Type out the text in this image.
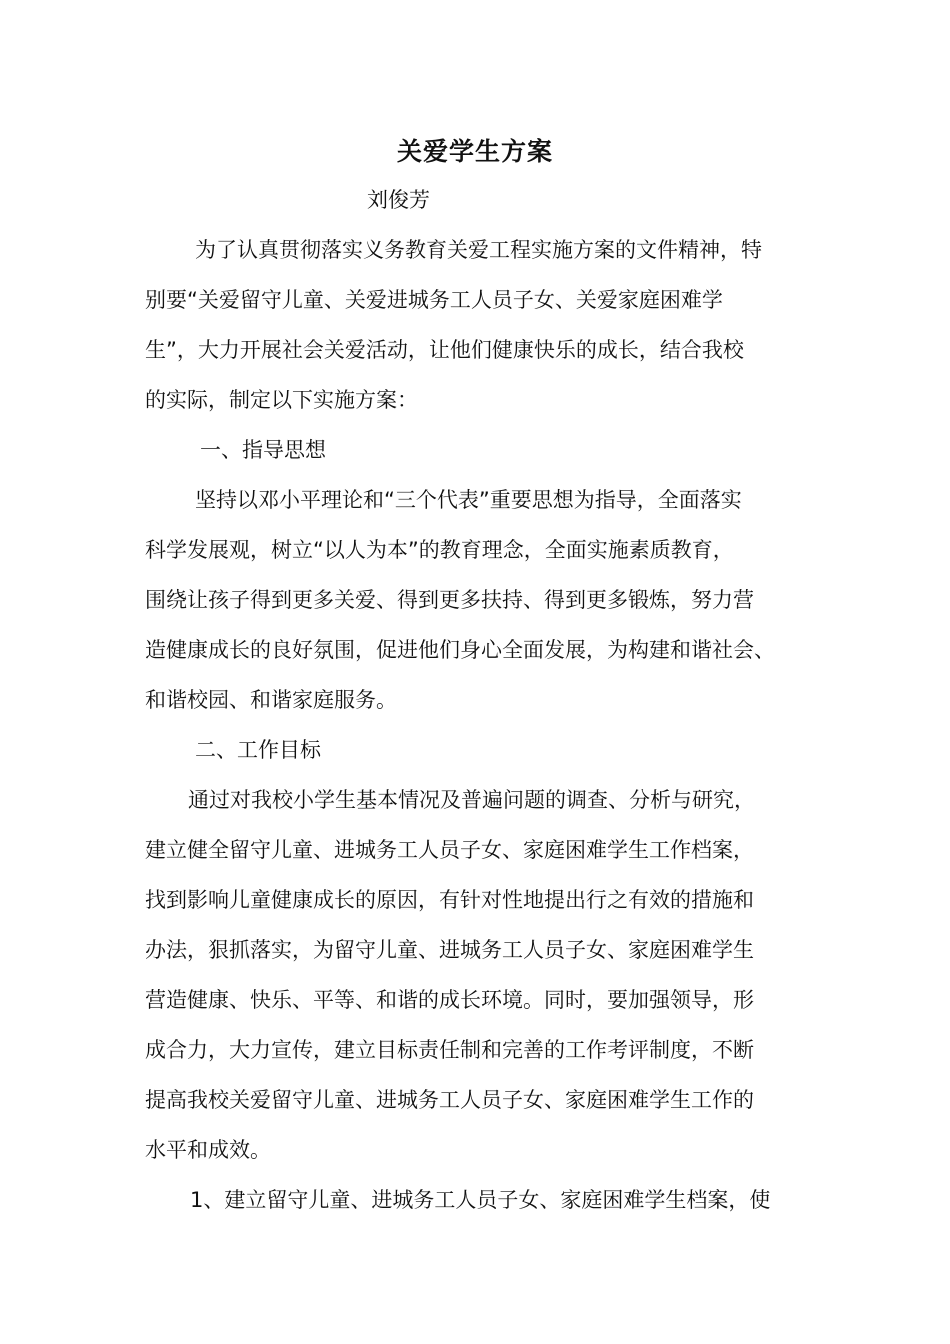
关爱学生方案
刘俊芳
为了认真贯彻落实义务教育关爱工程实施方案的文件精神，特
别要“关爱留守儿童、关爱进城务工人员子女、关爱家庭困难学
生”，大力开展社会关爱活动，让他们健康快乐的成长，结合我校
的实际，制定以下实施方案：
一、指导思想
坚持以邓小平理论和“三个代表”重要思想为指导，全面落实
科学发展观，树立“以人为本”的教育理念，全面实施素质教育，
围绕让孩子得到更多关爱、得到更多扶持、得到更多锻炼，努力营
造健康成长的良好氛围，促进他们身心全面发展，为构建和谐社会、
和谐校园、和谐家庭服务。
二、工作目标
通过对我校小学生基本情况及普遍问题的调查、分析与研究，
建立健全留守儿童、进城务工人员子女、家庭困难学生工作档案，
找到影响儿童健康成长的原因，有针对性地提出行之有效的措施和
办法，狠抓落实，为留守儿童、进城务工人员子女、家庭困难学生
营造健康、快乐、平等、和谐的成长环境。同时，要加强领导，形
成合力，大力宣传，建立目标责任制和完善的工作考评制度，不断
提高我校关爱留守儿童、进城务工人员子女、家庭困难学生工作的
水平和成效。
1、建立留守儿童、进城务工人员子女、家庭困难学生档案，使
